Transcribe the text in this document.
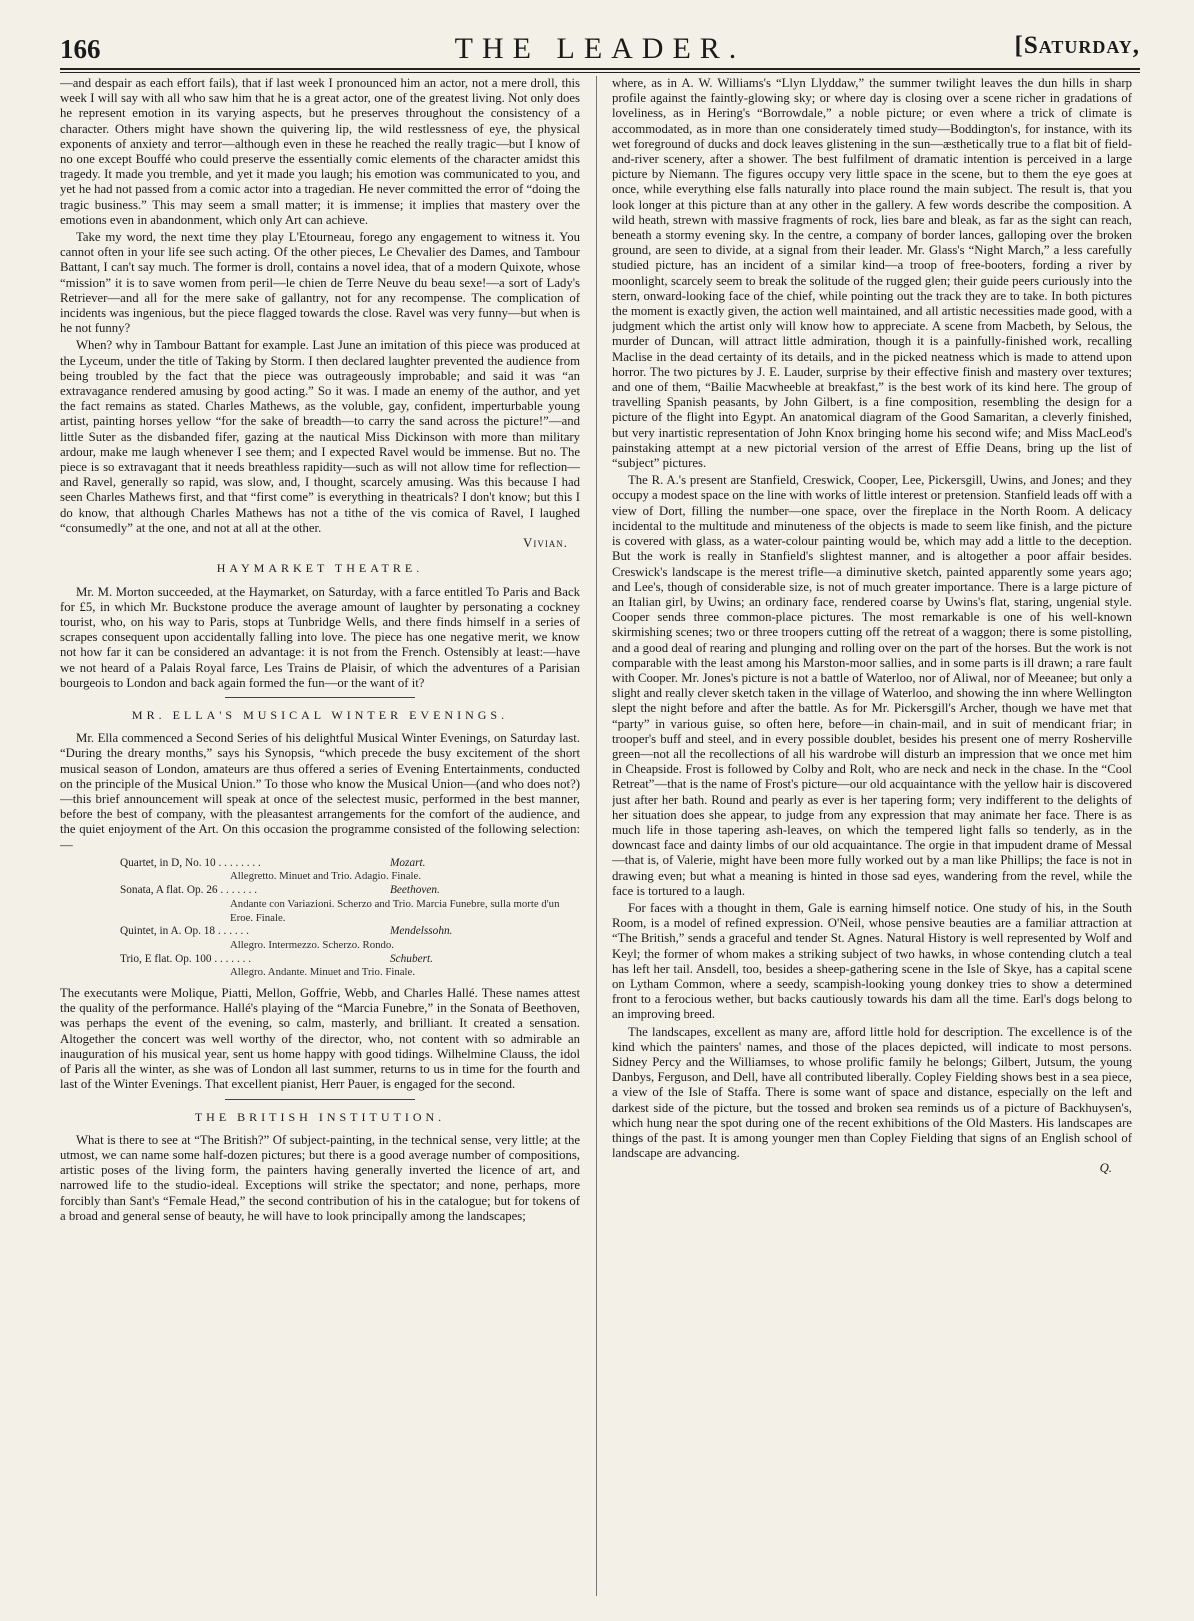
166	THE LEADER.	[Saturday,

—and despair as each effort fails), that if last week I pronounced him an actor, not a mere droll, this week I will say with all who saw him that he is a great actor, one of the greatest living. Not only does he represent emotion in its varying aspects, but he preserves throughout the consistency of a character. Others might have shown the quivering lip, the wild restlessness of eye, the physical exponents of anxiety and terror—although even in these he reached the really tragic—but I know of no one except Bouffé who could preserve the essentially comic elements of the character amidst this tragedy. It made you tremble, and yet it made you laugh; his emotion was communicated to you, and yet he had not passed from a comic actor into a tragedian. He never committed the error of “doing the tragic business.” This may seem a small matter; it is immense; it implies that mastery over the emotions even in abandonment, which only Art can achieve.

Take my word, the next time they play L'Etourneau, forego any engagement to witness it. You cannot often in your life see such acting. Of the other pieces, Le Chevalier des Dames, and Tambour Battant, I can't say much. The former is droll, contains a novel idea, that of a modern Quixote, whose “mission” it is to save women from peril—le chien de Terre Neuve du beau sexe!—a sort of Lady's Retriever—and all for the mere sake of gallantry, not for any recompense. The complication of incidents was ingenious, but the piece flagged towards the close. Ravel was very funny—but when is he not funny?

When? why in Tambour Battant for example. Last June an imitation of this piece was produced at the Lyceum, under the title of Taking by Storm. I then declared laughter prevented the audience from being troubled by the fact that the piece was outrageously improbable; and said it was “an extravagance rendered amusing by good acting.” So it was. I made an enemy of the author, and yet the fact remains as stated. Charles Mathews, as the voluble, gay, confident, imperturbable young artist, painting horses yellow “for the sake of breadth—to carry the sand across the picture!”—and little Suter as the disbanded fifer, gazing at the nautical Miss Dickinson with more than military ardour, make me laugh whenever I see them; and I expected Ravel would be immense. But no. The piece is so extravagant that it needs breathless rapidity—such as will not allow time for reflection—and Ravel, generally so rapid, was slow, and, I thought, scarcely amusing. Was this because I had seen Charles Mathews first, and that “first come” is everything in theatricals? I don't know; but this I do know, that although Charles Mathews has not a tithe of the vis comica of Ravel, I laughed “consumedly” at the one, and not at all at the other.

Vivian.
HAYMARKET THEATRE.

Mr. M. Morton succeeded, at the Haymarket, on Saturday, with a farce entitled To Paris and Back for £5, in which Mr. Buckstone produce the average amount of laughter by personating a cockney tourist, who, on his way to Paris, stops at Tunbridge Wells, and there finds himself in a series of scrapes consequent upon accidentally falling into love. The piece has one negative merit, we know not how far it can be considered an advantage: it is not from the French. Ostensibly at least:—have we not heard of a Palais Royal farce, Les Trains de Plaisir, of which the adventures of a Parisian bourgeois to London and back again formed the fun—or the want of it?

MR. ELLA'S MUSICAL WINTER EVENINGS.

Mr. Ella commenced a Second Series of his delightful Musical Winter Evenings, on Saturday last. “During the dreary months,” says his Synopsis, “which precede the busy excitement of the short musical season of London, amateurs are thus offered a series of Evening Entertainments, conducted on the principle of the Musical Union.” To those who know the Musical Union—(and who does not?)—this brief announcement will speak at once of the selectest music, performed in the best manner, before the best of company, with the pleasantest arrangements for the comfort of the audience, and the quiet enjoyment of the Art. On this occasion the programme consisted of the following selection:—

Quartet, in D, No. 10 . . . . . . . .	Mozart.
Allegretto. Minuet and Trio. Adagio. Finale.
Sonata, A flat. Op. 26 . . . . . . .	Beethoven.
Andante con Variazioni. Scherzo and Trio. Marcia Funebre, sulla morte d'un Eroe. Finale.
Quintet, in A. Op. 18 . . . . . .	Mendelssohn.
Allegro. Intermezzo. Scherzo. Rondo.
Trio, E flat. Op. 100 . . . . . . .	Schubert.
Allegro. Andante. Minuet and Trio. Finale.

The executants were Molique, Piatti, Mellon, Goffrie, Webb, and Charles Hallé. These names attest the quality of the performance. Hallé's playing of the “Marcia Funebre,” in the Sonata of Beethoven, was perhaps the event of the evening, so calm, masterly, and brilliant. It created a sensation. Altogether the concert was well worthy of the director, who, not content with so admirable an inauguration of his musical year, sent us home happy with good tidings. Wilhelmine Clauss, the idol of Paris all the winter, as she was of London all last summer, returns to us in time for the fourth and last of the Winter Evenings. That excellent pianist, Herr Pauer, is engaged for the second.

THE BRITISH INSTITUTION.

What is there to see at “The British?” Of subject-painting, in the technical sense, very little; at the utmost, we can name some half-dozen pictures; but there is a good average number of compositions, artistic poses of the living form, the painters having generally inverted the licence of art, and narrowed life to the studio-ideal. Exceptions will strike the spectator; and none, perhaps, more forcibly than Sant's “Female Head,” the second contribution of his in the catalogue; but for tokens of a broad and general sense of beauty, he will have to look principally among the landscapes;

where, as in A. W. Williams's “Llyn Llyddaw,” the summer twilight leaves the dun hills in sharp profile against the faintly-glowing sky; or where day is closing over a scene richer in gradations of loveliness, as in Hering's “Borrowdale,” a noble picture; or even where a trick of climate is accommodated, as in more than one considerately timed study—Boddington's, for instance, with its wet foreground of ducks and dock leaves glistening in the sun—æsthetically true to a flat bit of field-and-river scenery, after a shower. The best fulfilment of dramatic intention is perceived in a large picture by Niemann. The figures occupy very little space in the scene, but to them the eye goes at once, while everything else falls naturally into place round the main subject. The result is, that you look longer at this picture than at any other in the gallery. A few words describe the composition. A wild heath, strewn with massive fragments of rock, lies bare and bleak, as far as the sight can reach, beneath a stormy evening sky. In the centre, a company of border lances, galloping over the broken ground, are seen to divide, at a signal from their leader. Mr. Glass's “Night March,” a less carefully studied picture, has an incident of a similar kind—a troop of free-booters, fording a river by moonlight, scarcely seem to break the solitude of the rugged glen; their guide peers curiously into the stern, onward-looking face of the chief, while pointing out the track they are to take. In both pictures the moment is exactly given, the action well maintained, and all artistic necessities made good, with a judgment which the artist only will know how to appreciate. A scene from Macbeth, by Selous, the murder of Duncan, will attract little admiration, though it is a painfully-finished work, recalling Maclise in the dead certainty of its details, and in the picked neatness which is made to attend upon horror. The two pictures by J. E. Lauder, surprise by their effective finish and mastery over textures; and one of them, “Bailie Macwheeble at breakfast,” is the best work of its kind here. The group of travelling Spanish peasants, by John Gilbert, is a fine composition, resembling the design for a picture of the flight into Egypt. An anatomical diagram of the Good Samaritan, a cleverly finished, but very inartistic representation of John Knox bringing home his second wife; and Miss MacLeod's painstaking attempt at a new pictorial version of the arrest of Effie Deans, bring up the list of “subject” pictures.

The R. A.'s present are Stanfield, Creswick, Cooper, Lee, Pickersgill, Uwins, and Jones; and they occupy a modest space on the line with works of little interest or pretension. Stanfield leads off with a view of Dort, filling the number—one space, over the fireplace in the North Room. A delicacy incidental to the multitude and minuteness of the objects is made to seem like finish, and the picture is covered with glass, as a water-colour painting would be, which may add a little to the deception. But the work is really in Stanfield's slightest manner, and is altogether a poor affair besides. Creswick's landscape is the merest trifle—a diminutive sketch, painted apparently some years ago; and Lee's, though of considerable size, is not of much greater importance. There is a large picture of an Italian girl, by Uwins; an ordinary face, rendered coarse by Uwins's flat, staring, ungenial style. Cooper sends three common-place pictures. The most remarkable is one of his well-known skirmishing scenes; two or three troopers cutting off the retreat of a waggon; there is some pistolling, and a good deal of rearing and plunging and rolling over on the part of the horses. But the work is not comparable with the least among his Marston-moor sallies, and in some parts is ill drawn; a rare fault with Cooper. Mr. Jones's picture is not a battle of Waterloo, nor of Aliwal, nor of Meeanee; but only a slight and really clever sketch taken in the village of Waterloo, and showing the inn where Wellington slept the night before and after the battle. As for Mr. Pickersgill's Archer, though we have met that “party” in various guise, so often here, before—in chain-mail, and in suit of mendicant friar; in trooper's buff and steel, and in every possible doublet, besides his present one of merry Rosherville green—not all the recollections of all his wardrobe will disturb an impression that we once met him in Cheapside. Frost is followed by Colby and Rolt, who are neck and neck in the chase. In the “Cool Retreat”—that is the name of Frost's picture—our old acquaintance with the yellow hair is discovered just after her bath. Round and pearly as ever is her tapering form; very indifferent to the delights of her situation does she appear, to judge from any expression that may animate her face. There is as much life in those tapering ash-leaves, on which the tempered light falls so tenderly, as in the downcast face and dainty limbs of our old acquaintance. The orgie in that impudent drame of Messal—that is, of Valerie, might have been more fully worked out by a man like Phillips; the face is not in drawing even; but what a meaning is hinted in those sad eyes, wandering from the revel, while the face is tortured to a laugh.

For faces with a thought in them, Gale is earning himself notice. One study of his, in the South Room, is a model of refined expression. O'Neil, whose pensive beauties are a familiar attraction at “The British,” sends a graceful and tender St. Agnes. Natural History is well represented by Wolf and Keyl; the former of whom makes a striking subject of two hawks, in whose contending clutch a teal has left her tail. Ansdell, too, besides a sheep-gathering scene in the Isle of Skye, has a capital scene on Lytham Common, where a seedy, scampish-looking young donkey tries to show a determined front to a ferocious wether, but backs cautiously towards his dam all the time. Earl's dogs belong to an improving breed.

The landscapes, excellent as many are, afford little hold for description. The excellence is of the kind which the painters' names, and those of the places depicted, will indicate to most persons. Sidney Percy and the Williamses, to whose prolific family he belongs; Gilbert, Jutsum, the young Danbys, Ferguson, and Dell, have all contributed liberally. Copley Fielding shows best in a sea piece, a view of the Isle of Staffa. There is some want of space and distance, especially on the left and darkest side of the picture, but the tossed and broken sea reminds us of a picture of Backhuysen's, which hung near the spot during one of the recent exhibitions of the Old Masters. His landscapes are things of the past. It is among younger men than Copley Fielding that signs of an English school of landscape are advancing.

Q.
